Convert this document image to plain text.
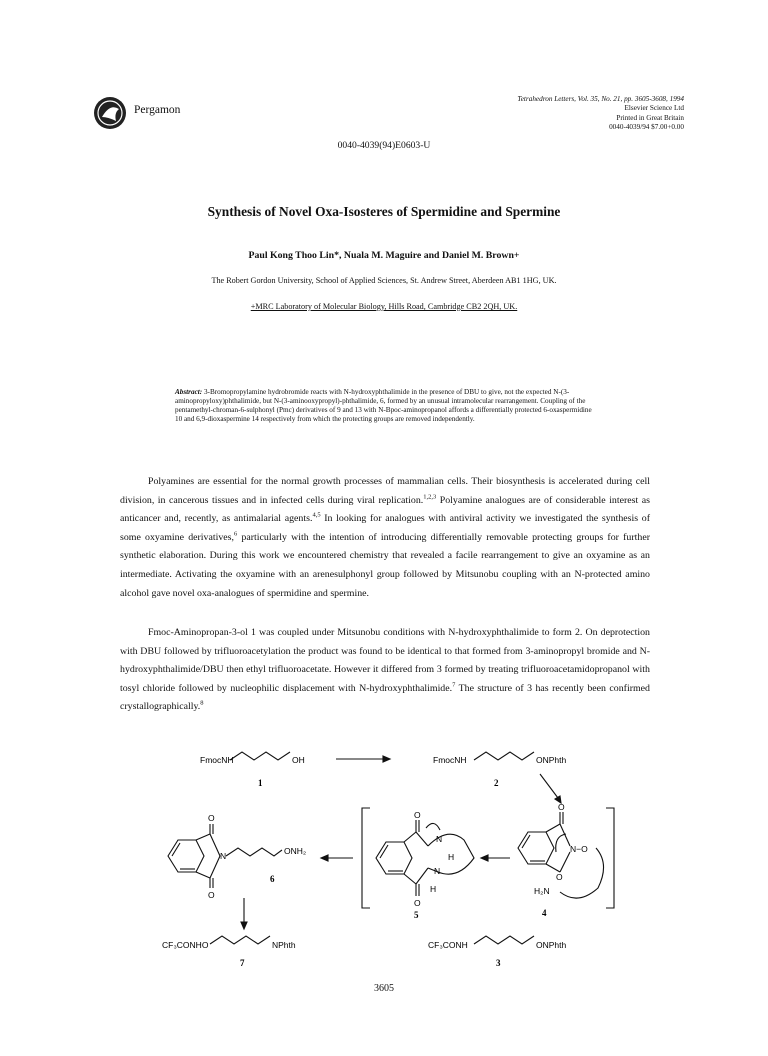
Pergamon
Tetrahedron Letters, Vol. 35, No. 21, pp. 3605-3608, 1994
Elsevier Science Ltd
Printed in Great Britain
0040-4039/94 $7.00+0.00
0040-4039(94)E0603-U
Synthesis of Novel Oxa-Isosteres of Spermidine and Spermine
Paul Kong Thoo Lin*, Nuala M. Maguire and Daniel M. Brown+
The Robert Gordon University, School of Applied Sciences, St. Andrew Street, Aberdeen AB1 1HG, UK.
+MRC Laboratory of Molecular Biology, Hills Road, Cambridge CB2 2QH, UK.
Abstract: 3-Bromopropylamine hydrobromide reacts with N-hydroxyphthalimide in the presence of DBU to give, not the expected N-(3-aminopropyloxy)phthalimide, but N-(3-aminooxypropyl)-phthalimide, 6, formed by an unusual intramolecular rearrangement. Coupling of the pentamethyl-chroman-6-sulphonyl (Pmc) derivatives of 9 and 13 with N-Bpoc-aminopropanol affords a differentially protected 6-oxaspermidine 10 and 6,9-dioxaspermine 14 respectively from which the protecting groups are removed independently.
Polyamines are essential for the normal growth processes of mammalian cells. Their biosynthesis is accelerated during cell division, in cancerous tissues and in infected cells during viral replication.$^{1,2,3}$ Polyamine analogues are of considerable interest as anticancer and, recently, as antimalarial agents.$^{4,5}$ In looking for analogues with antiviral activity we investigated the synthesis of some oxyamine derivatives,$^6$ particularly with the intention of introducing differentially removable protecting groups for further synthetic elaboration. During this work we encountered chemistry that revealed a facile rearrangement to give an oxyamine as an intermediate. Activating the oxyamine with an arenesulphonyl group followed by Mitsunobu coupling with an N-protected amino alcohol gave novel oxa-analogues of spermidine and spermine.
Fmoc-Aminopropan-3-ol 1 was coupled under Mitsunobu conditions with N-hydroxyphthalimide to form 2. On deprotection with DBU followed by trifluoroacetylation the product was found to be identical to that formed from 3-aminopropyl bromide and N-hydroxyphthalimide/DBU then ethyl trifluoroacetate. However it differed from 3 formed by treating trifluoroacetamidopropanol with tosyl chloride followed by nucleophilic displacement with N-hydroxyphthalimide.$^7$ The structure of 3 has recently been confirmed crystallographically.$^8$
FmocNH	OH
1
FmocNH	ONPhth
2
O
O
N	ONH₂
6
O
O
N
H
N
H
5
O
N−O
O
H₂N
4
CF₃CONHO	NPhth
7
CF₃CONH	ONPhth
3
3605
